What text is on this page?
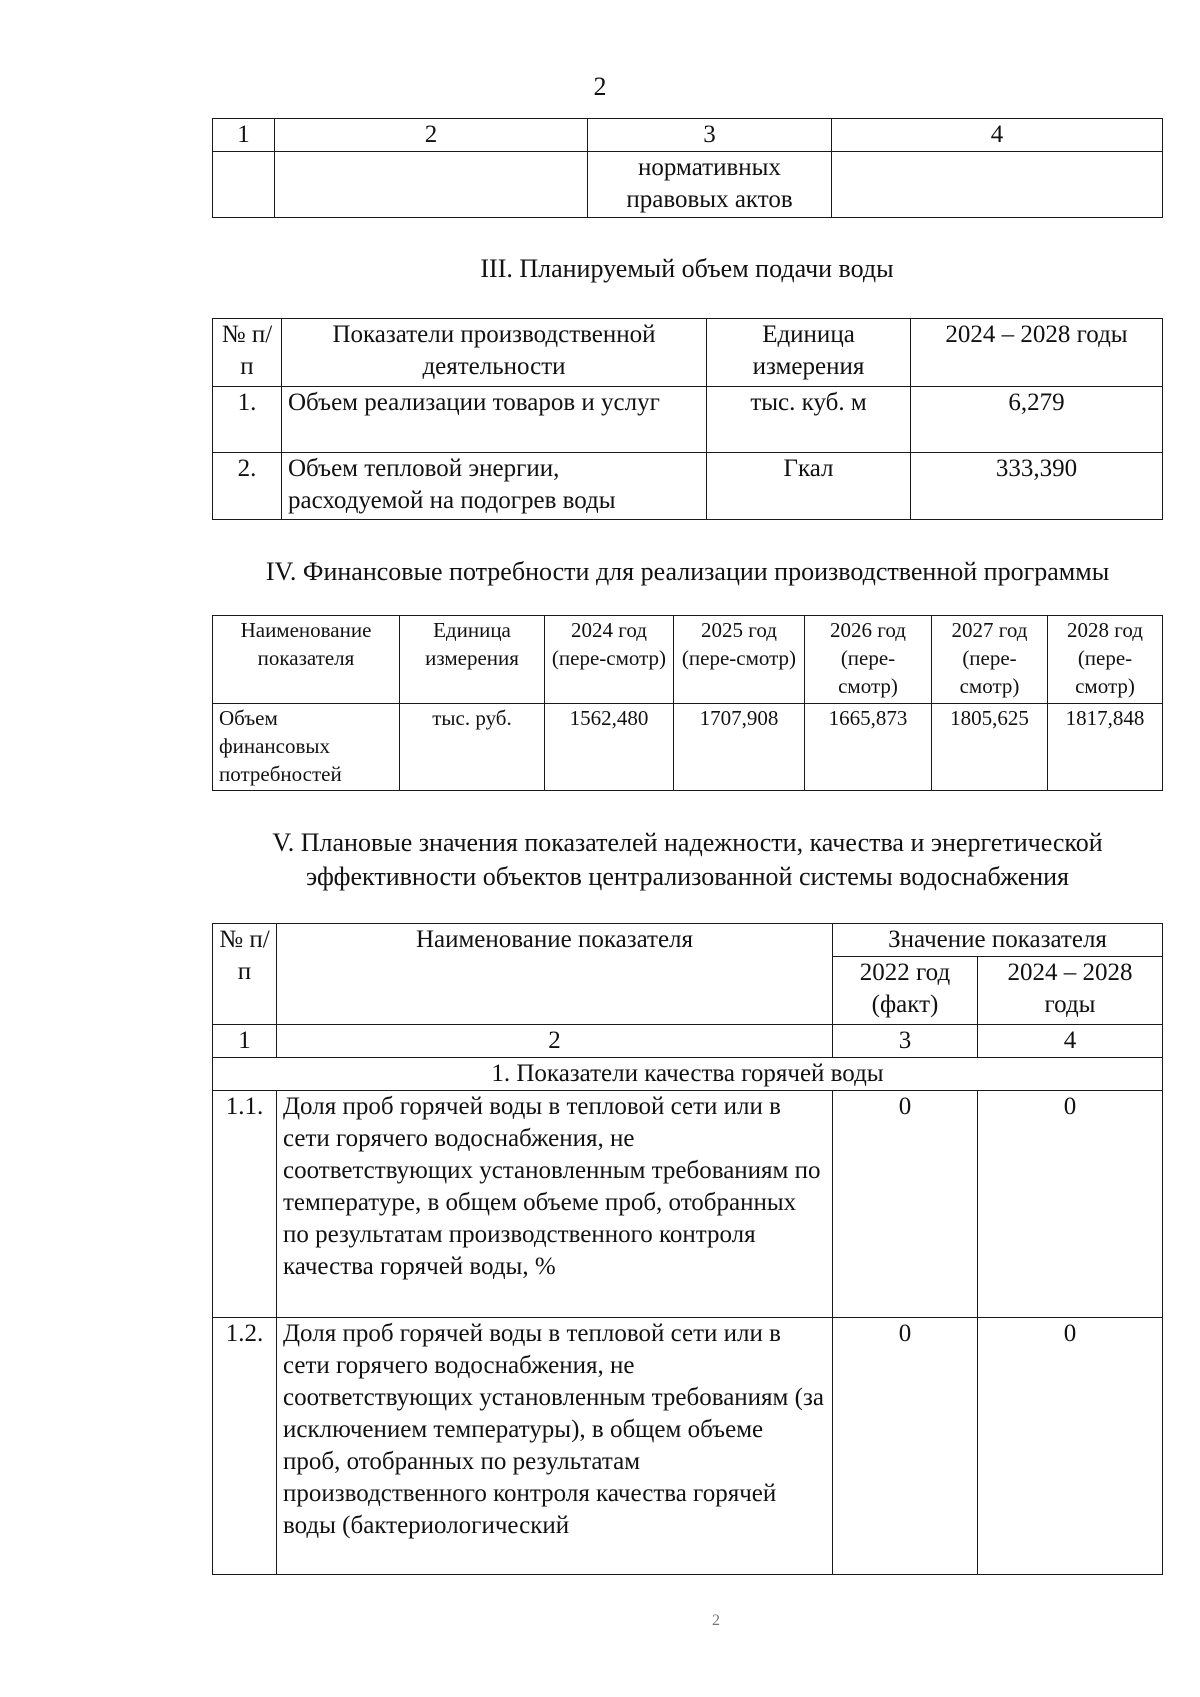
2
1	2	3	4
		нормативных правовых актов	
III. Планируемый объем подачи воды
№ п/п	Показатели производственной деятельности	Единица измерения	2024 – 2028 годы
1.	Объем реализации товаров и услуг	тыс. куб. м	6,279
2.	Объем тепловой энергии, расходуемой на подогрев воды	Гкал	333,390
IV. Финансовые потребности для реализации производственной программы
Наименование показателя	Единица измерения	2024 год (пере-смотр)	2025 год (пере-смотр)	2026 год (пере-смотр)	2027 год (пере-смотр)	2028 год (пере-смотр)
Объем финансовых потребностей	тыс. руб.	1562,480	1707,908	1665,873	1805,625	1817,848
V. Плановые значения показателей надежности, качества и энергетической
эффективности объектов централизованной системы водоснабжения
№ п/п	Наименование показателя	Значение показателя	
		2022 год (факт)	2024 – 2028 годы
1	2	3	4
1. Показатели качества горячей воды			
1.1.	Доля проб горячей воды в тепловой сети или в сети горячего водоснабжения, не соответствующих установленным требованиям по температуре, в общем объеме проб, отобранных по результатам производственного контроля качества горячей воды, %	0	0
1.2.	Доля проб горячей воды в тепловой сети или в сети горячего водоснабжения, не соответствующих установленным требованиям (за исключением температуры), в общем объеме проб, отобранных по результатам производственного контроля качества горячей воды (бактериологический	0	0
2
